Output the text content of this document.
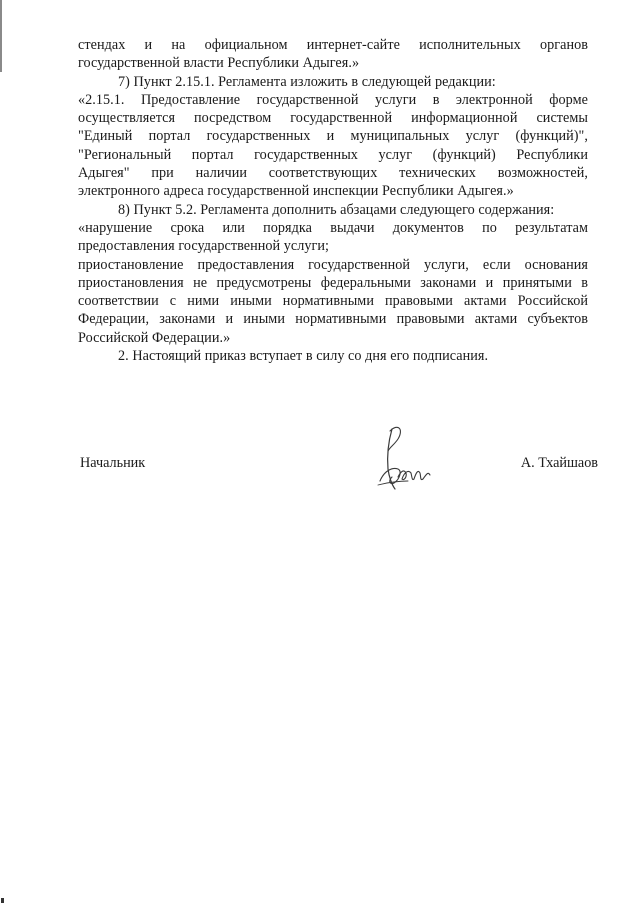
стендах и на официальном интернет-сайте исполнительных органов
государственной власти Республики Адыгея.»
7) Пункт 2.15.1. Регламента изложить в следующей редакции:
«2.15.1. Предоставление государственной услуги в электронной форме
осуществляется посредством государственной информационной системы
"Единый портал государственных и муниципальных услуг (функций)",
"Региональный портал государственных услуг (функций) Республики
Адыгея" при наличии соответствующих технических возможностей,
электронного адреса государственной инспекции Республики Адыгея.»
8) Пункт 5.2. Регламента дополнить абзацами следующего содержания:
«нарушение срока или порядка выдачи документов по результатам
предоставления государственной услуги;
приостановление предоставления государственной услуги, если основания
приостановления не предусмотрены федеральными законами и принятыми в
соответствии с ними иными нормативными правовыми актами Российской
Федерации, законами и иными нормативными правовыми актами субъектов
Российской Федерации.»
2. Настоящий приказ вступает в силу со дня его подписания.
Начальник	А. Тхайшаов
